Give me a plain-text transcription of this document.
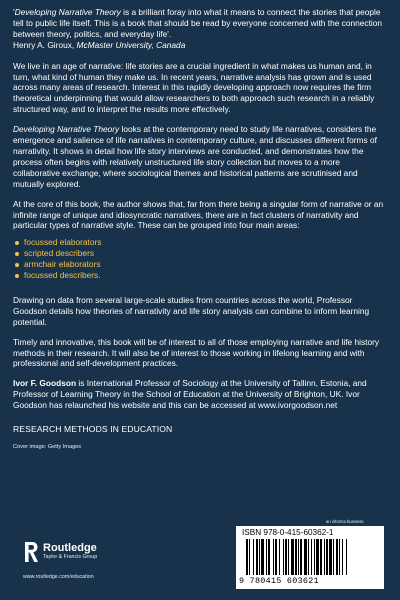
'Developing Narrative Theory is a brilliant foray into what it means to connect the stories that people tell to public life itself. This is a book that should be read by everyone concerned with the connection between theory, politics, and everyday life'.
Henry A. Giroux, McMaster University, Canada

We live in an age of narrative: life stories are a crucial ingredient in what makes us human and, in turn, what kind of human they make us. In recent years, narrative analysis has grown and is used across many areas of research. Interest in this rapidly developing approach now requires the firm theoretical underpinning that would allow researchers to both approach such research in a reliably structured way, and to interpret the results more effectively.

Developing Narrative Theory looks at the contemporary need to study life narratives, considers the emergence and salience of life narratives in contemporary culture, and discusses different forms of narrativity. It shows in detail how life story interviews are conducted, and demonstrates how the process often begins with relatively unstructured life story collection but moves to a more collaborative exchange, where sociological themes and historical patterns are scrutinised and mutually explored.

At the core of this book, the author shows that, far from there being a singular form of narrative or an infinite range of unique and idiosyncratic narratives, there are in fact clusters of narrativity and particular types of narrative style. These can be grouped into four main areas:

focussed elaborators
scripted describers
armchair elaborators
focussed describers.

Drawing on data from several large-scale studies from countries across the world, Professor Goodson details how theories of narrativity and life story analysis can combine to inform learning potential.

Timely and innovative, this book will be of interest to all of those employing narrative and life history methods in their research. It will also be of interest to those working in lifelong learning and with professional and self-development practices.

Ivor F. Goodson is International Professor of Sociology at the University of Tallinn, Estonia, and Professor of Learning Theory in the School of Education at the University of Brighton, UK. Ivor Goodson has relaunched his website and this can be accessed at www.ivorgoodson.net

RESEARCH METHODS IN EDUCATION
Cover image: Getty Images
an informa business
Routledge
Taylor & Francis Group
www.routledge.com/education
ISBN 978-0-415-60362-1
9 780415 603621
